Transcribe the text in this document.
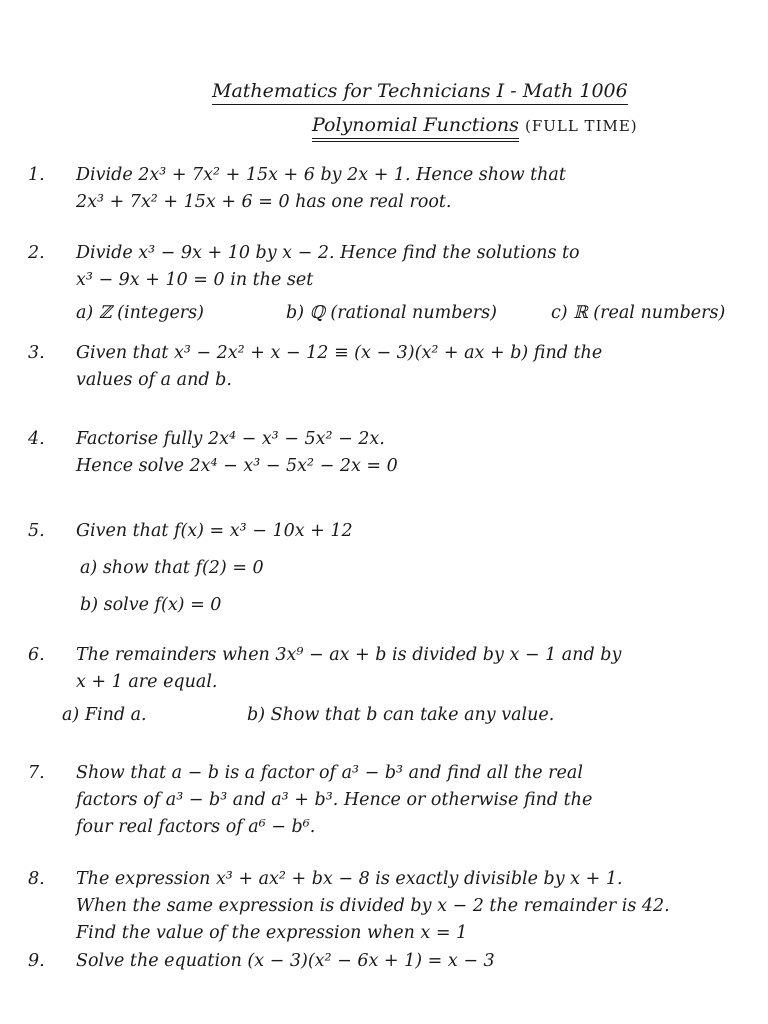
Mathematics for Technicians I - Math 1006
Polynomial Functions (FULL TIME)
1.	Divide 2x³ + 7x² + 15x + 6 by 2x + 1. Hence show that
2x³ + 7x² + 15x + 6 = 0 has one real root.
2.	Divide x³ − 9x + 10 by x − 2. Hence find the solutions to
x³ − 9x + 10 = 0 in the set
a) ℤ (integers)	b) ℚ (rational numbers)	c) ℝ (real numbers)
3.	Given that x³ − 2x² + x − 12 ≡ (x − 3)(x² + ax + b) find the
values of a and b.
4.	Factorise fully 2x⁴ − x³ − 5x² − 2x.
Hence solve 2x⁴ − x³ − 5x² − 2x = 0
5.	Given that f(x) = x³ − 10x + 12
a) show that f(2) = 0
b) solve f(x) = 0
6.	The remainders when 3x⁹ − ax + b is divided by x − 1 and by
x + 1 are equal.
a) Find a.	b) Show that b can take any value.
7.	Show that a − b is a factor of a³ − b³ and find all the real
factors of a³ − b³ and a³ + b³. Hence or otherwise find the
four real factors of a⁶ − b⁶.
8.	The expression x³ + ax² + bx − 8 is exactly divisible by x + 1.
When the same expression is divided by x − 2 the remainder is 42.
Find the value of the expression when x = 1
9.	Solve the equation (x − 3)(x² − 6x + 1) = x − 3
